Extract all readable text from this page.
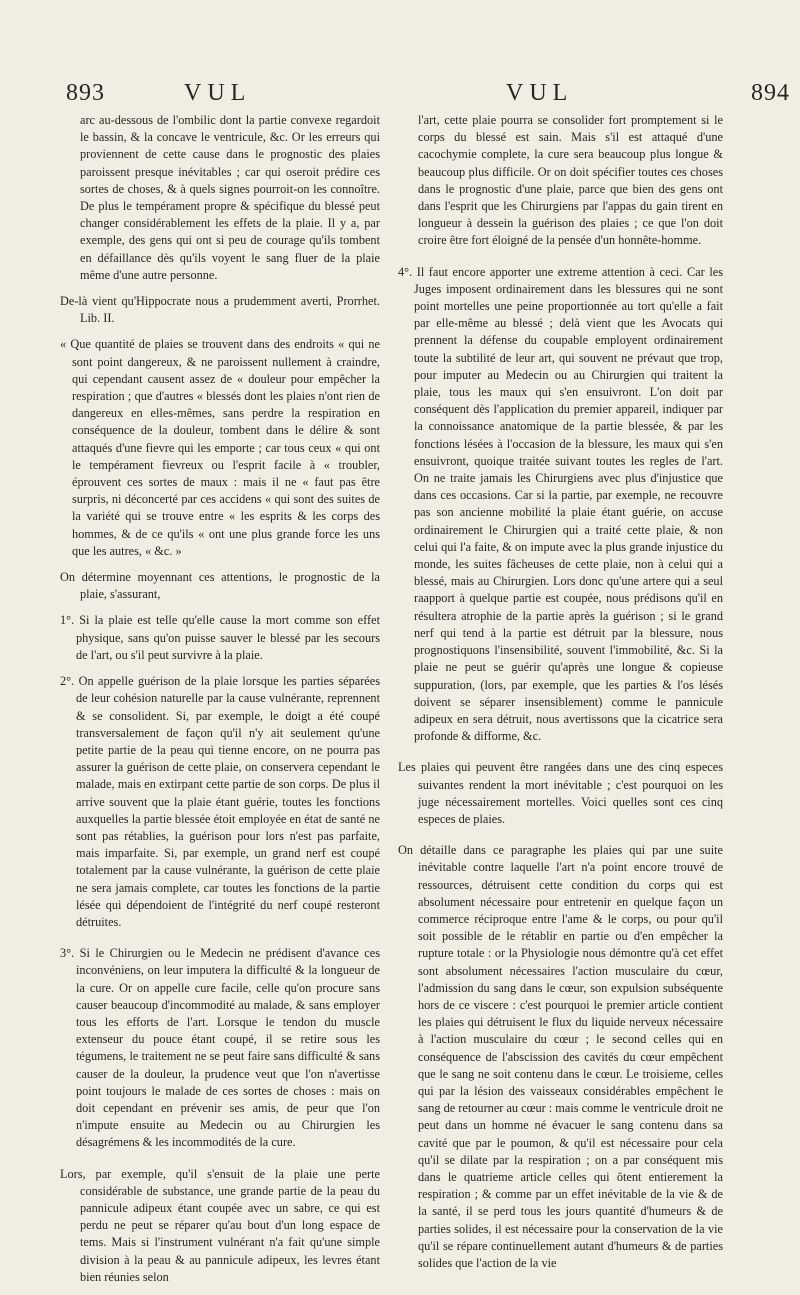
893	VUL	VUL	894

arc au-dessous de l'ombilic dont la partie convexe regardoit le bassin, & la concave le ventricule, &c. Or les erreurs qui proviennent de cette cause dans le prognostic des plaies paroissent presque inévitables ; car qui oseroit prédire ces sortes de choses, & à quels signes pourroit-on les connoître. De plus le tempérament propre & spécifique du blessé peut changer considérablement les effets de la plaie. Il y a, par exemple, des gens qui ont si peu de courage qu'ils tombent en défaillance dès qu'ils voyent le sang fluer de la plaie même d'une autre personne.

De-là vient qu'Hippocrate nous a prudemment averti, Prorrhet. Lib. II.

« Que quantité de plaies se trouvent dans des endroits « qui ne sont point dangereux, & ne paroissent nullement à craindre, qui cependant causent assez de « douleur pour empêcher la respiration ; que d'autres « blessés dont les plaies n'ont rien de dangereux en elles-mêmes, sans perdre la respiration en conséquence de la douleur, tombent dans le délire & sont attaqués d'une fievre qui les emporte ; car tous ceux « qui ont le tempérament fievreux ou l'esprit facile à « troubler, éprouvent ces sortes de maux : mais il ne « faut pas être surpris, ni déconcerté par ces accidens « qui sont des suites de la variété qui se trouve entre « les esprits & les corps des hommes, & de ce qu'ils « ont une plus grande force les uns que les autres, « &c. »

On détermine moyennant ces attentions, le prognostic de la plaie, s'assurant,

1°. Si la plaie est telle qu'elle cause la mort comme son effet physique, sans qu'on puisse sauver le blessé par les secours de l'art, ou s'il peut survivre à la plaie.

2°. On appelle guérison de la plaie lorsque les parties séparées de leur cohésion naturelle par la cause vulnérante, reprennent & se consolident. Si, par exemple, le doigt a été coupé transversalement de façon qu'il n'y ait seulement qu'une petite partie de la peau qui tienne encore, on ne pourra pas assurer la guérison de cette plaie, on conservera cependant le malade, mais en extirpant cette partie de son corps. De plus il arrive souvent que la plaie étant guérie, toutes les fonctions auxquelles la partie blessée étoit employée en état de santé ne sont pas rétablies, la guérison pour lors n'est pas parfaite, mais imparfaite. Si, par exemple, un grand nerf est coupé totalement par la cause vulnérante, la guérison de cette plaie ne sera jamais complete, car toutes les fonctions de la partie lésée qui dépendoient de l'intégrité du nerf coupé resteront détruites.

3°. Si le Chirurgien ou le Medecin ne prédisent d'avance ces inconvéniens, on leur imputera la difficulté & la longueur de la cure. Or on appelle cure facile, celle qu'on procure sans causer beaucoup d'incommodité au malade, & sans employer tous les efforts de l'art. Lorsque le tendon du muscle extenseur du pouce étant coupé, il se retire sous les tégumens, le traitement ne se peut faire sans difficulté & sans causer de la douleur, la prudence veut que l'on n'avertisse point toujours le malade de ces sortes de choses : mais on doit cependant en prévenir ses amis, de peur que l'on n'impute ensuite au Medecin ou au Chirurgien les désagrémens & les incommodités de la cure.

Lors, par exemple, qu'il s'ensuit de la plaie une perte considérable de substance, une grande partie de la peau du pannicule adipeux étant coupée avec un sabre, ce qui est perdu ne peut se réparer qu'au bout d'un long espace de tems. Mais si l'instrument vulnérant n'a fait qu'une simple division à la peau & au pannicule adipeux, les levres étant bien réunies selon

l'art, cette plaie pourra se consolider fort promptement si le corps du blessé est sain. Mais s'il est attaqué d'une cacochymie complete, la cure sera beaucoup plus longue & beaucoup plus difficile. Or on doit spécifier toutes ces choses dans le prognostic d'une plaie, parce que bien des gens ont dans l'esprit que les Chirurgiens par l'appas du gain tirent en longueur à dessein la guérison des plaies ; ce que l'on doit croire être fort éloigné de la pensée d'un honnête-homme.

4°. Il faut encore apporter une extreme attention à ceci. Car les Juges imposent ordinairement dans les blessures qui ne sont point mortelles une peine proportionnée au tort qu'elle a fait par elle-même au blessé ; delà vient que les Avocats qui prennent la défense du coupable employent ordinairement toute la subtilité de leur art, qui souvent ne prévaut que trop, pour imputer au Medecin ou au Chirurgien qui traitent la plaie, tous les maux qui s'en ensuivront. L'on doit par conséquent dès l'application du premier appareil, indiquer par la connoissance anatomique de la partie blessée, & par les fonctions lésées à l'occasion de la blessure, les maux qui s'en ensuivront, quoique traitée suivant toutes les regles de l'art. On ne traite jamais les Chirurgiens avec plus d'injustice que dans ces occasions. Car si la partie, par exemple, ne recouvre pas son ancienne mobilité la plaie étant guérie, on accuse ordinairement le Chirurgien qui a traité cette plaie, & non celui qui l'a faite, & on impute avec la plus grande injustice du monde, les suites fâcheuses de cette plaie, non à celui qui a blessé, mais au Chirurgien. Lors donc qu'une artere qui a seul raapport à quelque partie est coupée, nous prédisons qu'il en résultera atrophie de la partie après la guérison ; si le grand nerf qui tend à la partie est détruit par la blessure, nous prognostiquons l'insensibilité, souvent l'immobilité, &c. Si la plaie ne peut se guérir qu'après une longue & copieuse suppuration, (lors, par exemple, que les parties & l'os lésés doivent se séparer insensiblement) comme le pannicule adipeux en sera détruit, nous avertissons que la cicatrice sera profonde & difforme, &c.

Les plaies qui peuvent être rangées dans une des cinq especes suivantes rendent la mort inévitable ; c'est pourquoi on les juge nécessairement mortelles. Voici quelles sont ces cinq especes de plaies.

On détaille dans ce paragraphe les plaies qui par une suite inévitable contre laquelle l'art n'a point encore trouvé de ressources, détruisent cette condition du corps qui est absolument nécessaire pour entretenir en quelque façon un commerce réciproque entre l'ame & le corps, ou pour qu'il soit possible de le rétablir en partie ou d'en empêcher la rupture totale : or la Physiologie nous démontre qu'à cet effet sont absolument nécessaires l'action musculaire du cœur, l'admission du sang dans le cœur, son expulsion subséquente hors de ce viscere : c'est pourquoi le premier article contient les plaies qui détruisent le flux du liquide nerveux nécessaire à l'action musculaire du cœur ; le second celles qui en conséquence de l'abscission des cavités du cœur empêchent que le sang ne soit contenu dans le cœur. Le troisieme, celles qui par la lésion des vaisseaux considérables empêchent le sang de retourner au cœur : mais comme le ventricule droit ne peut dans un homme né évacuer le sang contenu dans sa cavité que par le poumon, & qu'il est nécessaire pour cela qu'il se dilate par la respiration ; on a par conséquent mis dans le quatrieme article celles qui ôtent entierement la respiration ; & comme par un effet inévitable de la vie & de la santé, il se perd tous les jours quantité d'humeurs & de parties solides, il est nécessaire pour la conservation de la vie qu'il se répare continuellement autant d'humeurs & de parties solides que l'action de la vie
